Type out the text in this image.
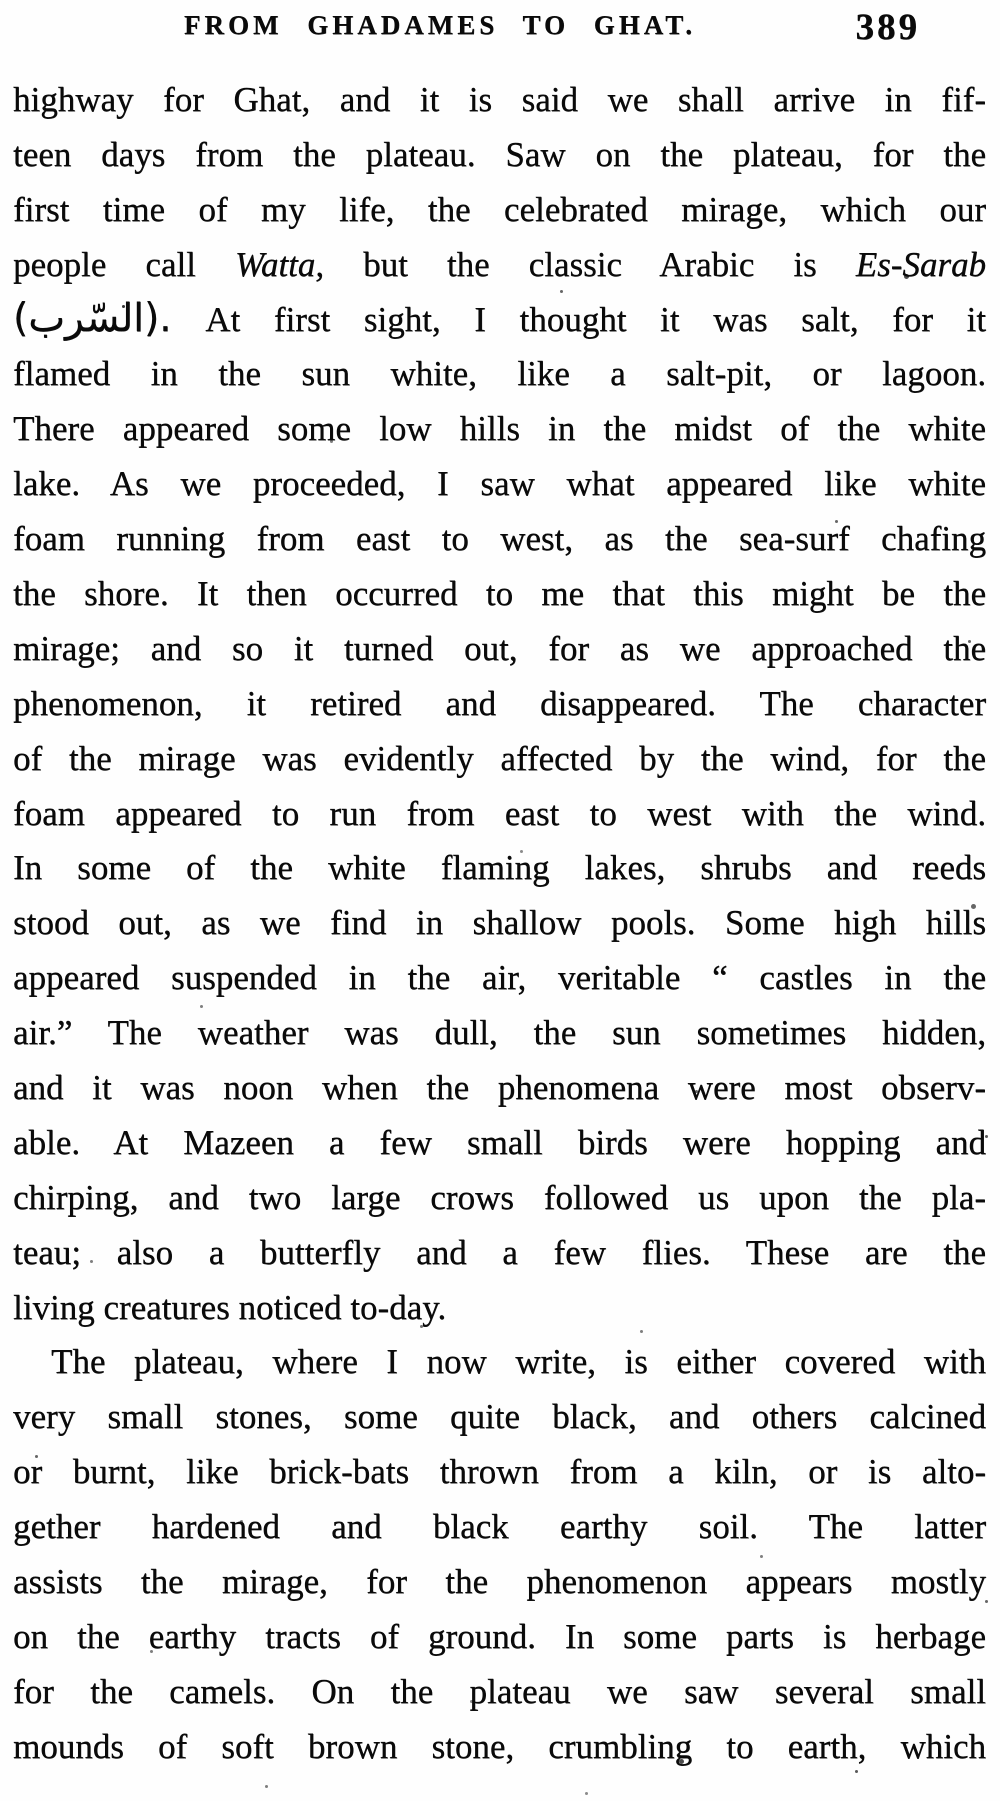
FROM GHADAMES TO GHAT.	389
highway for Ghat, and it is said we shall arrive in fif-
teen days from the plateau. Saw on the plateau, for the
first time of my life, the celebrated mirage, which our
people call Watta, but the classic Arabic is Es-Sarab
(السّرب). At first sight, I thought it was salt, for it
flamed in the sun white, like a salt-pit, or lagoon.
There appeared some low hills in the midst of the white
lake. As we proceeded, I saw what appeared like white
foam running from east to west, as the sea-surf chafing
the shore. It then occurred to me that this might be the
mirage; and so it turned out, for as we approached the
phenomenon, it retired and disappeared. The character
of the mirage was evidently affected by the wind, for the
foam appeared to run from east to west with the wind.
In some of the white flaming lakes, shrubs and reeds
stood out, as we find in shallow pools. Some high hills
appeared suspended in the air, veritable “ castles in the
air.” The weather was dull, the sun sometimes hidden,
and it was noon when the phenomena were most observ-
able. At Mazeen a few small birds were hopping and
chirping, and two large crows followed us upon the pla-
teau; also a butterfly and a few flies. These are the
living creatures noticed to-day.
The plateau, where I now write, is either covered with
very small stones, some quite black, and others calcined
or burnt, like brick-bats thrown from a kiln, or is alto-
gether hardened and black earthy soil. The latter
assists the mirage, for the phenomenon appears mostly
on the earthy tracts of ground. In some parts is herbage
for the camels. On the plateau we saw several small
mounds of soft brown stone, crumbling to earth, which
